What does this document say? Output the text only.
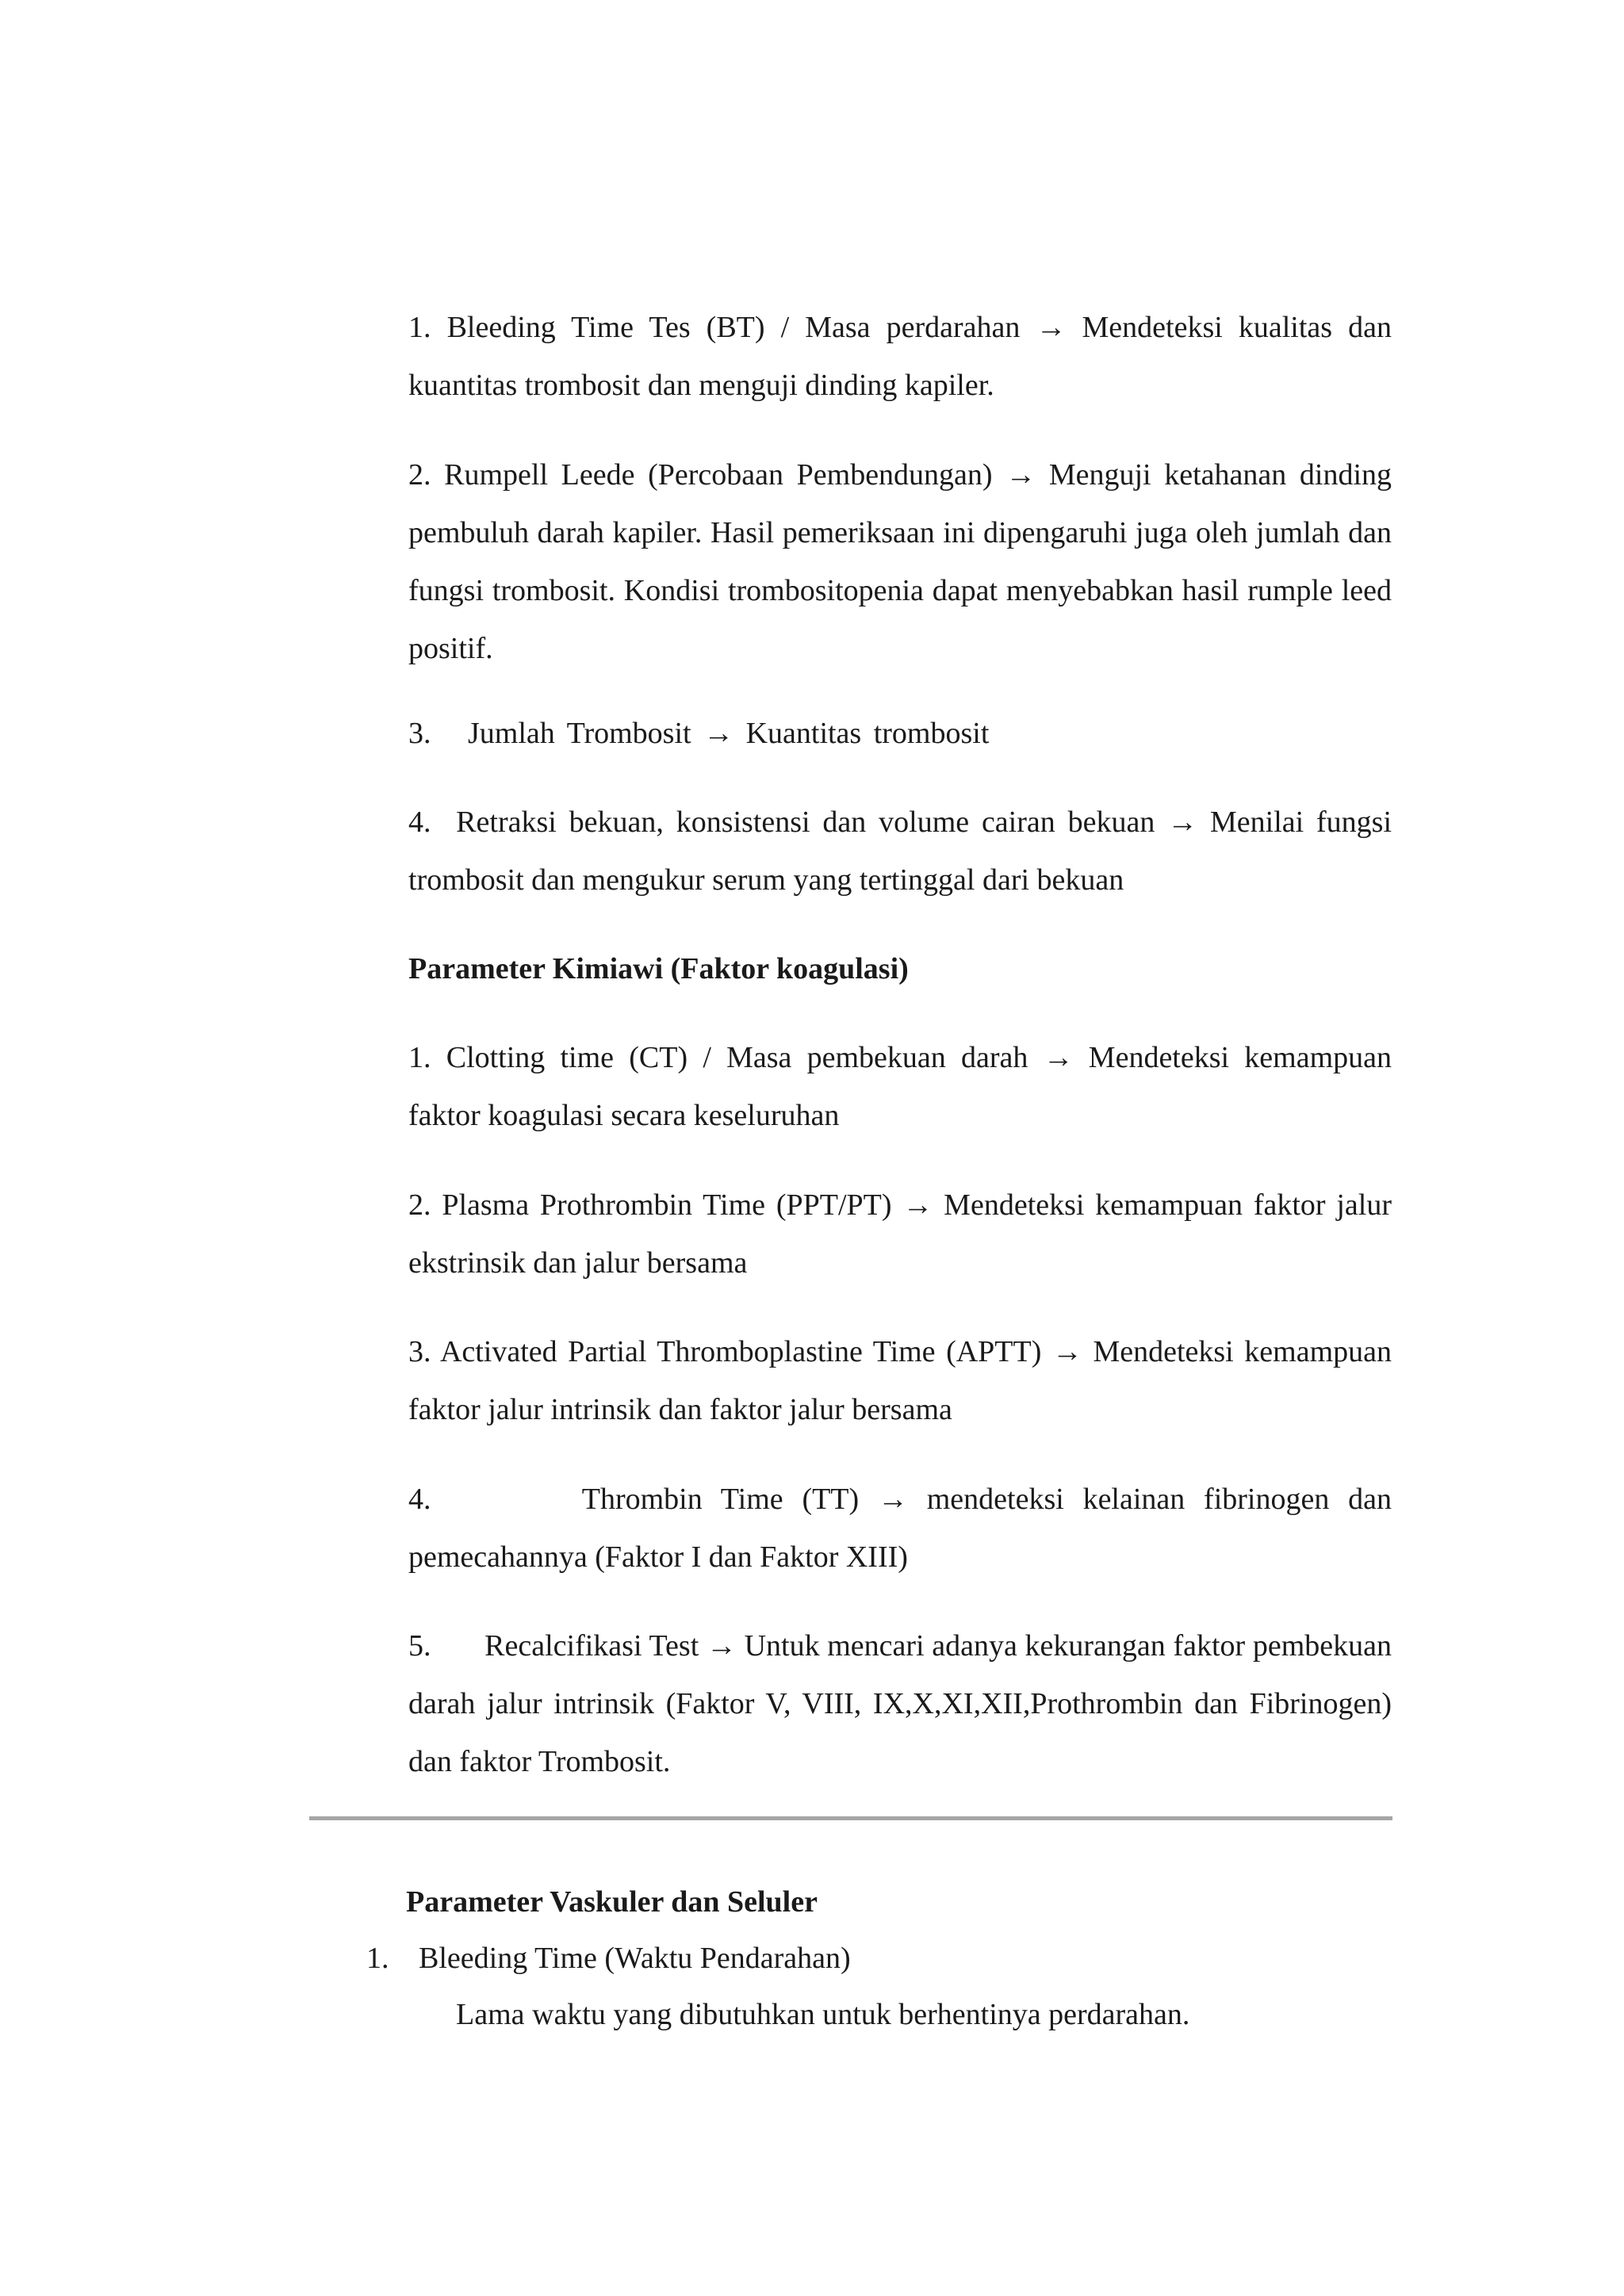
1. Bleeding Time Tes (BT) / Masa perdarahan → Mendeteksi kualitas dan kuantitas trombosit dan menguji dinding kapiler.

2. Rumpell Leede (Percobaan Pembendungan) → Menguji ketahanan dinding pembuluh darah kapiler. Hasil pemeriksaan ini dipengaruhi juga oleh jumlah dan fungsi trombosit. Kondisi trombositopenia dapat menyebabkan hasil rumple leed positif.

3. Jumlah Trombosit → Kuantitas trombosit

4. Retraksi bekuan, konsistensi dan volume cairan bekuan → Menilai fungsi trombosit dan mengukur serum yang tertinggal dari bekuan

Parameter Kimiawi (Faktor koagulasi)

1. Clotting time (CT) / Masa pembekuan darah → Mendeteksi kemampuan faktor koagulasi secara keseluruhan

2. Plasma Prothrombin Time (PPT/PT) → Mendeteksi kemampuan faktor jalur ekstrinsik dan jalur bersama

3. Activated Partial Thromboplastine Time (APTT) → Mendeteksi kemampuan faktor jalur intrinsik dan faktor jalur bersama

4.	Thrombin Time (TT) → mendeteksi kelainan fibrinogen dan pemecahannya (Faktor I dan Faktor XIII)

5. Recalcifikasi Test → Untuk mencari adanya kekurangan faktor pembekuan darah jalur intrinsik (Faktor V, VIII, IX,X,XI,XII,Prothrombin dan Fibrinogen) dan faktor Trombosit.

Parameter Vaskuler dan Seluler

1. Bleeding Time (Waktu Pendarahan)

Lama waktu yang dibutuhkan untuk berhentinya perdarahan.
